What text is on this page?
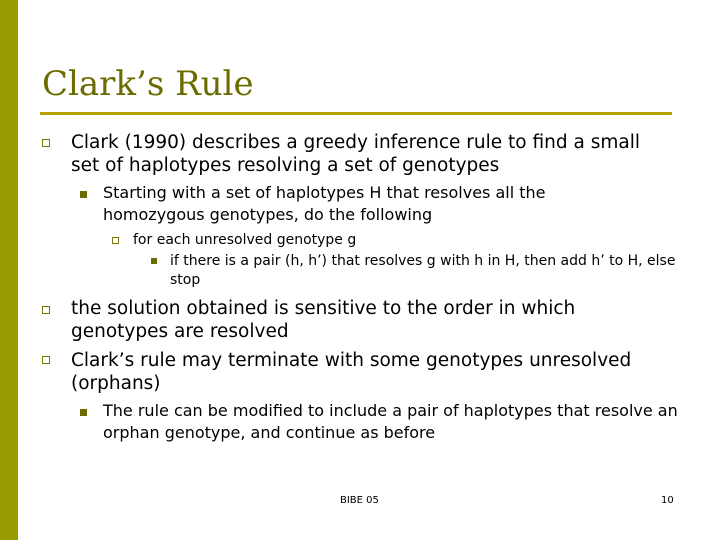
Clark’s Rule
Clark (1990) describes a greedy inference rule to find a small set of haplotypes resolving a set of genotypes
Starting with a set of haplotypes H that resolves all the homozygous genotypes, do the following
for each unresolved genotype g
if there is a pair (h, h’) that resolves g with h in H, then add h’ to H, else stop
the solution obtained is sensitive to the order in which genotypes are resolved
Clark’s rule may terminate with some genotypes unresolved (orphans)
The rule can be modified to include a pair of haplotypes that resolve an orphan genotype, and continue as before
BIBE 05	10
